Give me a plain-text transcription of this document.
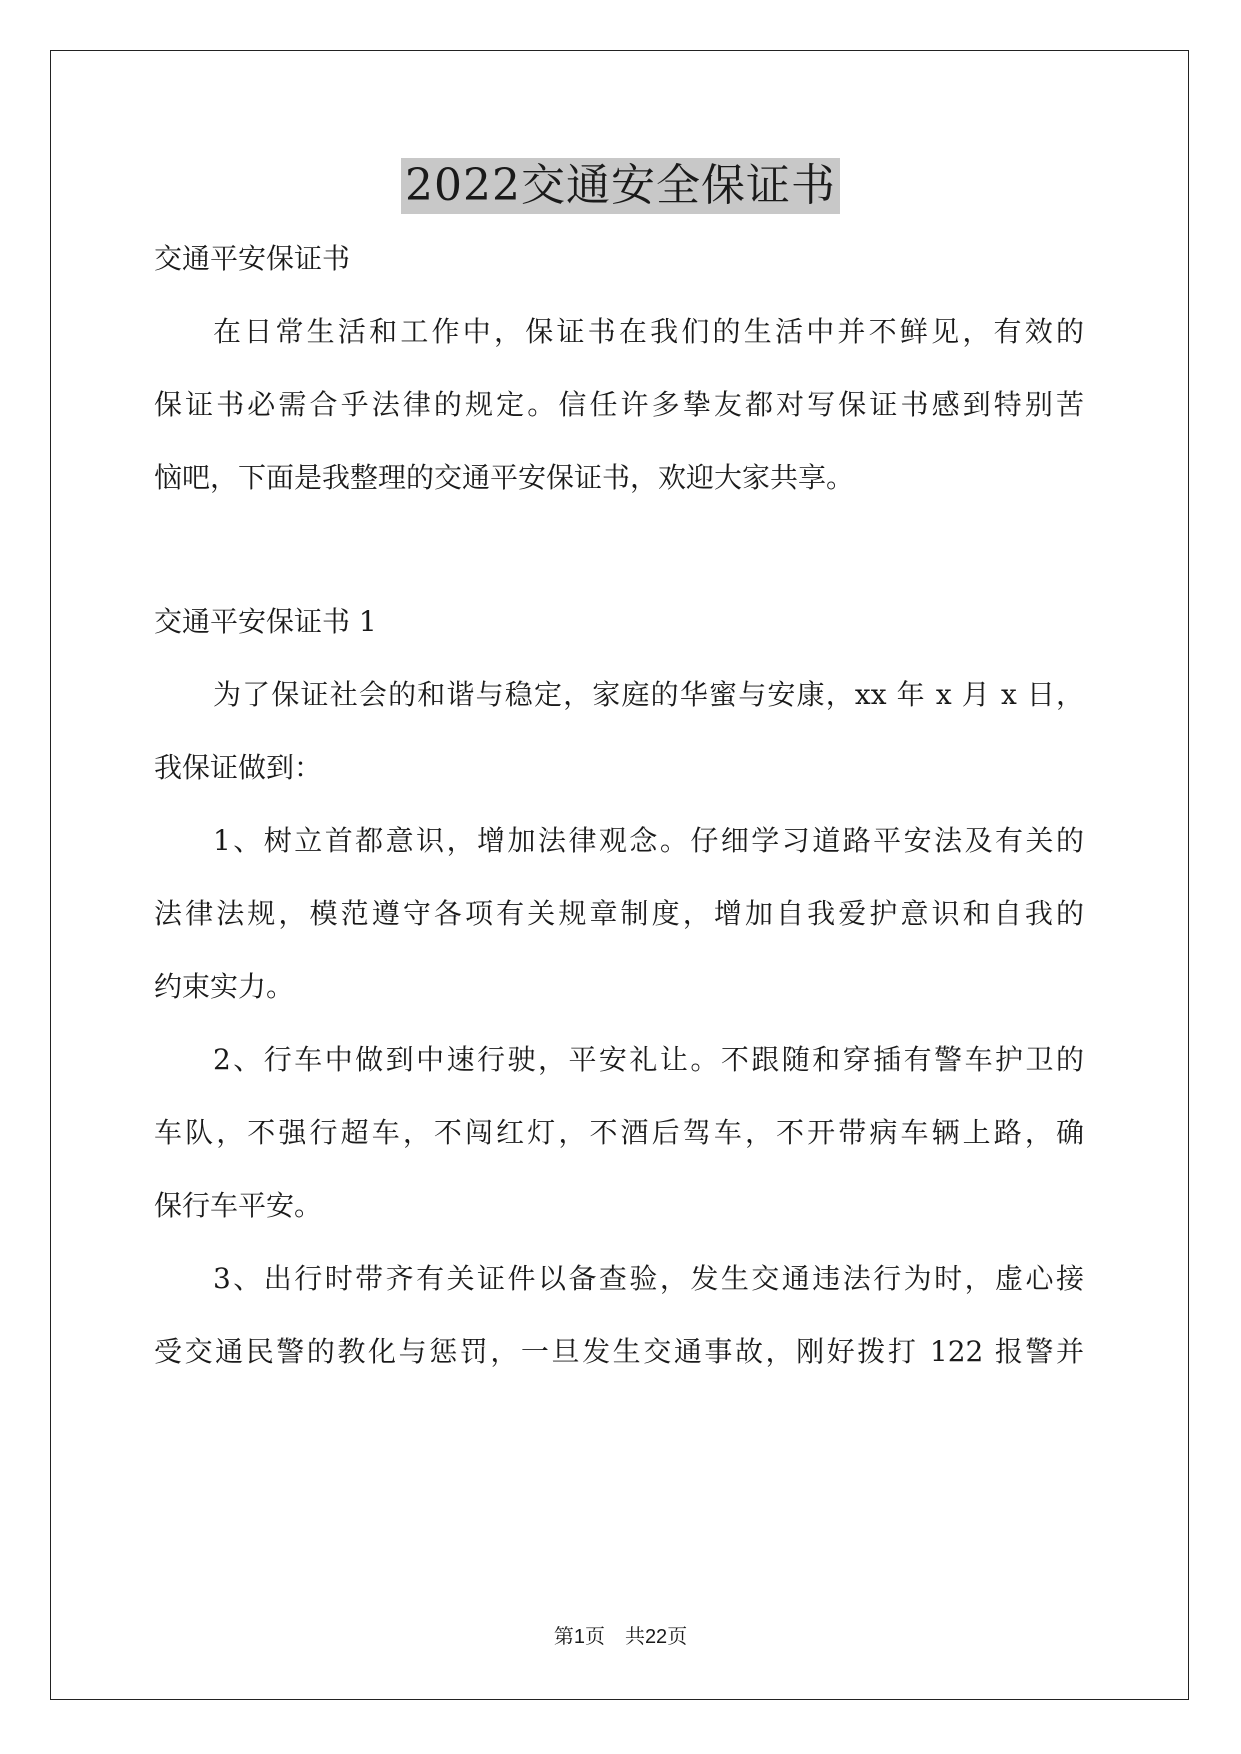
2022交通安全保证书
交通平安保证书
在日常生活和工作中，保证书在我们的生活中并不鲜见，有效的
保证书必需合乎法律的规定。信任许多挚友都对写保证书感到特别苦
恼吧，下面是我整理的交通平安保证书，欢迎大家共享。
交通平安保证书 1
为了保证社会的和谐与稳定，家庭的华蜜与安康，xx 年 x 月 x 日，
我保证做到：
1、树立首都意识，增加法律观念。仔细学习道路平安法及有关的
法律法规，模范遵守各项有关规章制度，增加自我爱护意识和自我的
约束实力。
2、行车中做到中速行驶，平安礼让。不跟随和穿插有警车护卫的
车队，不强行超车，不闯红灯，不酒后驾车，不开带病车辆上路，确
保行车平安。
3、出行时带齐有关证件以备查验，发生交通违法行为时，虚心接
受交通民警的教化与惩罚，一旦发生交通事故，刚好拨打 122 报警并
第1页 共22页
